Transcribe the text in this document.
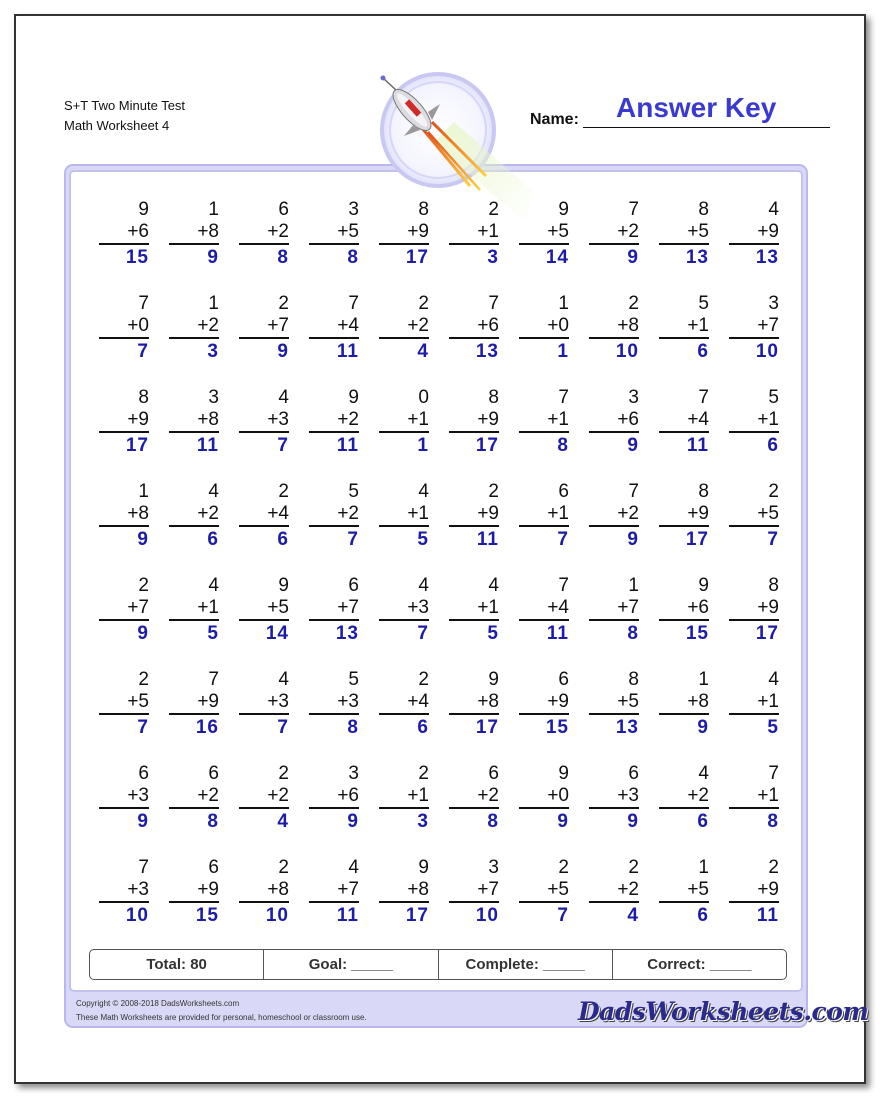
S+T Two Minute Test
Math Worksheet 4	Name: Answer Key
9
+6
15
1
+8
9
6
+2
8
3
+5
8
8
+9
17
2
+1
3
9
+5
14
7
+2
9
8
+5
13
4
+9
13
7
+0
7
1
+2
3
2
+7
9
7
+4
11
2
+2
4
7
+6
13
1
+0
1
2
+8
10
5
+1
6
3
+7
10
8
+9
17
3
+8
11
4
+3
7
9
+2
11
0
+1
1
8
+9
17
7
+1
8
3
+6
9
7
+4
11
5
+1
6
1
+8
9
4
+2
6
2
+4
6
5
+2
7
4
+1
5
2
+9
11
6
+1
7
7
+2
9
8
+9
17
2
+5
7
2
+7
9
4
+1
5
9
+5
14
6
+7
13
4
+3
7
4
+1
5
7
+4
11
1
+7
8
9
+6
15
8
+9
17
2
+5
7
7
+9
16
4
+3
7
5
+3
8
2
+4
6
9
+8
17
6
+9
15
8
+5
13
1
+8
9
4
+1
5
6
+3
9
6
+2
8
2
+2
4
3
+6
9
2
+1
3
6
+2
8
9
+0
9
6
+3
9
4
+2
6
7
+1
8
7
+3
10
6
+9
15
2
+8
10
4
+7
11
9
+8
17
3
+7
10
2
+5
7
2
+2
4
1
+5
6
2
+9
11
Total: 80	Goal: _____	Complete: _____	Correct: _____
Copyright © 2008-2018 DadsWorksheets.com
These Math Worksheets are provided for personal, homeschool or classroom use.	DadsWorksheets.com
